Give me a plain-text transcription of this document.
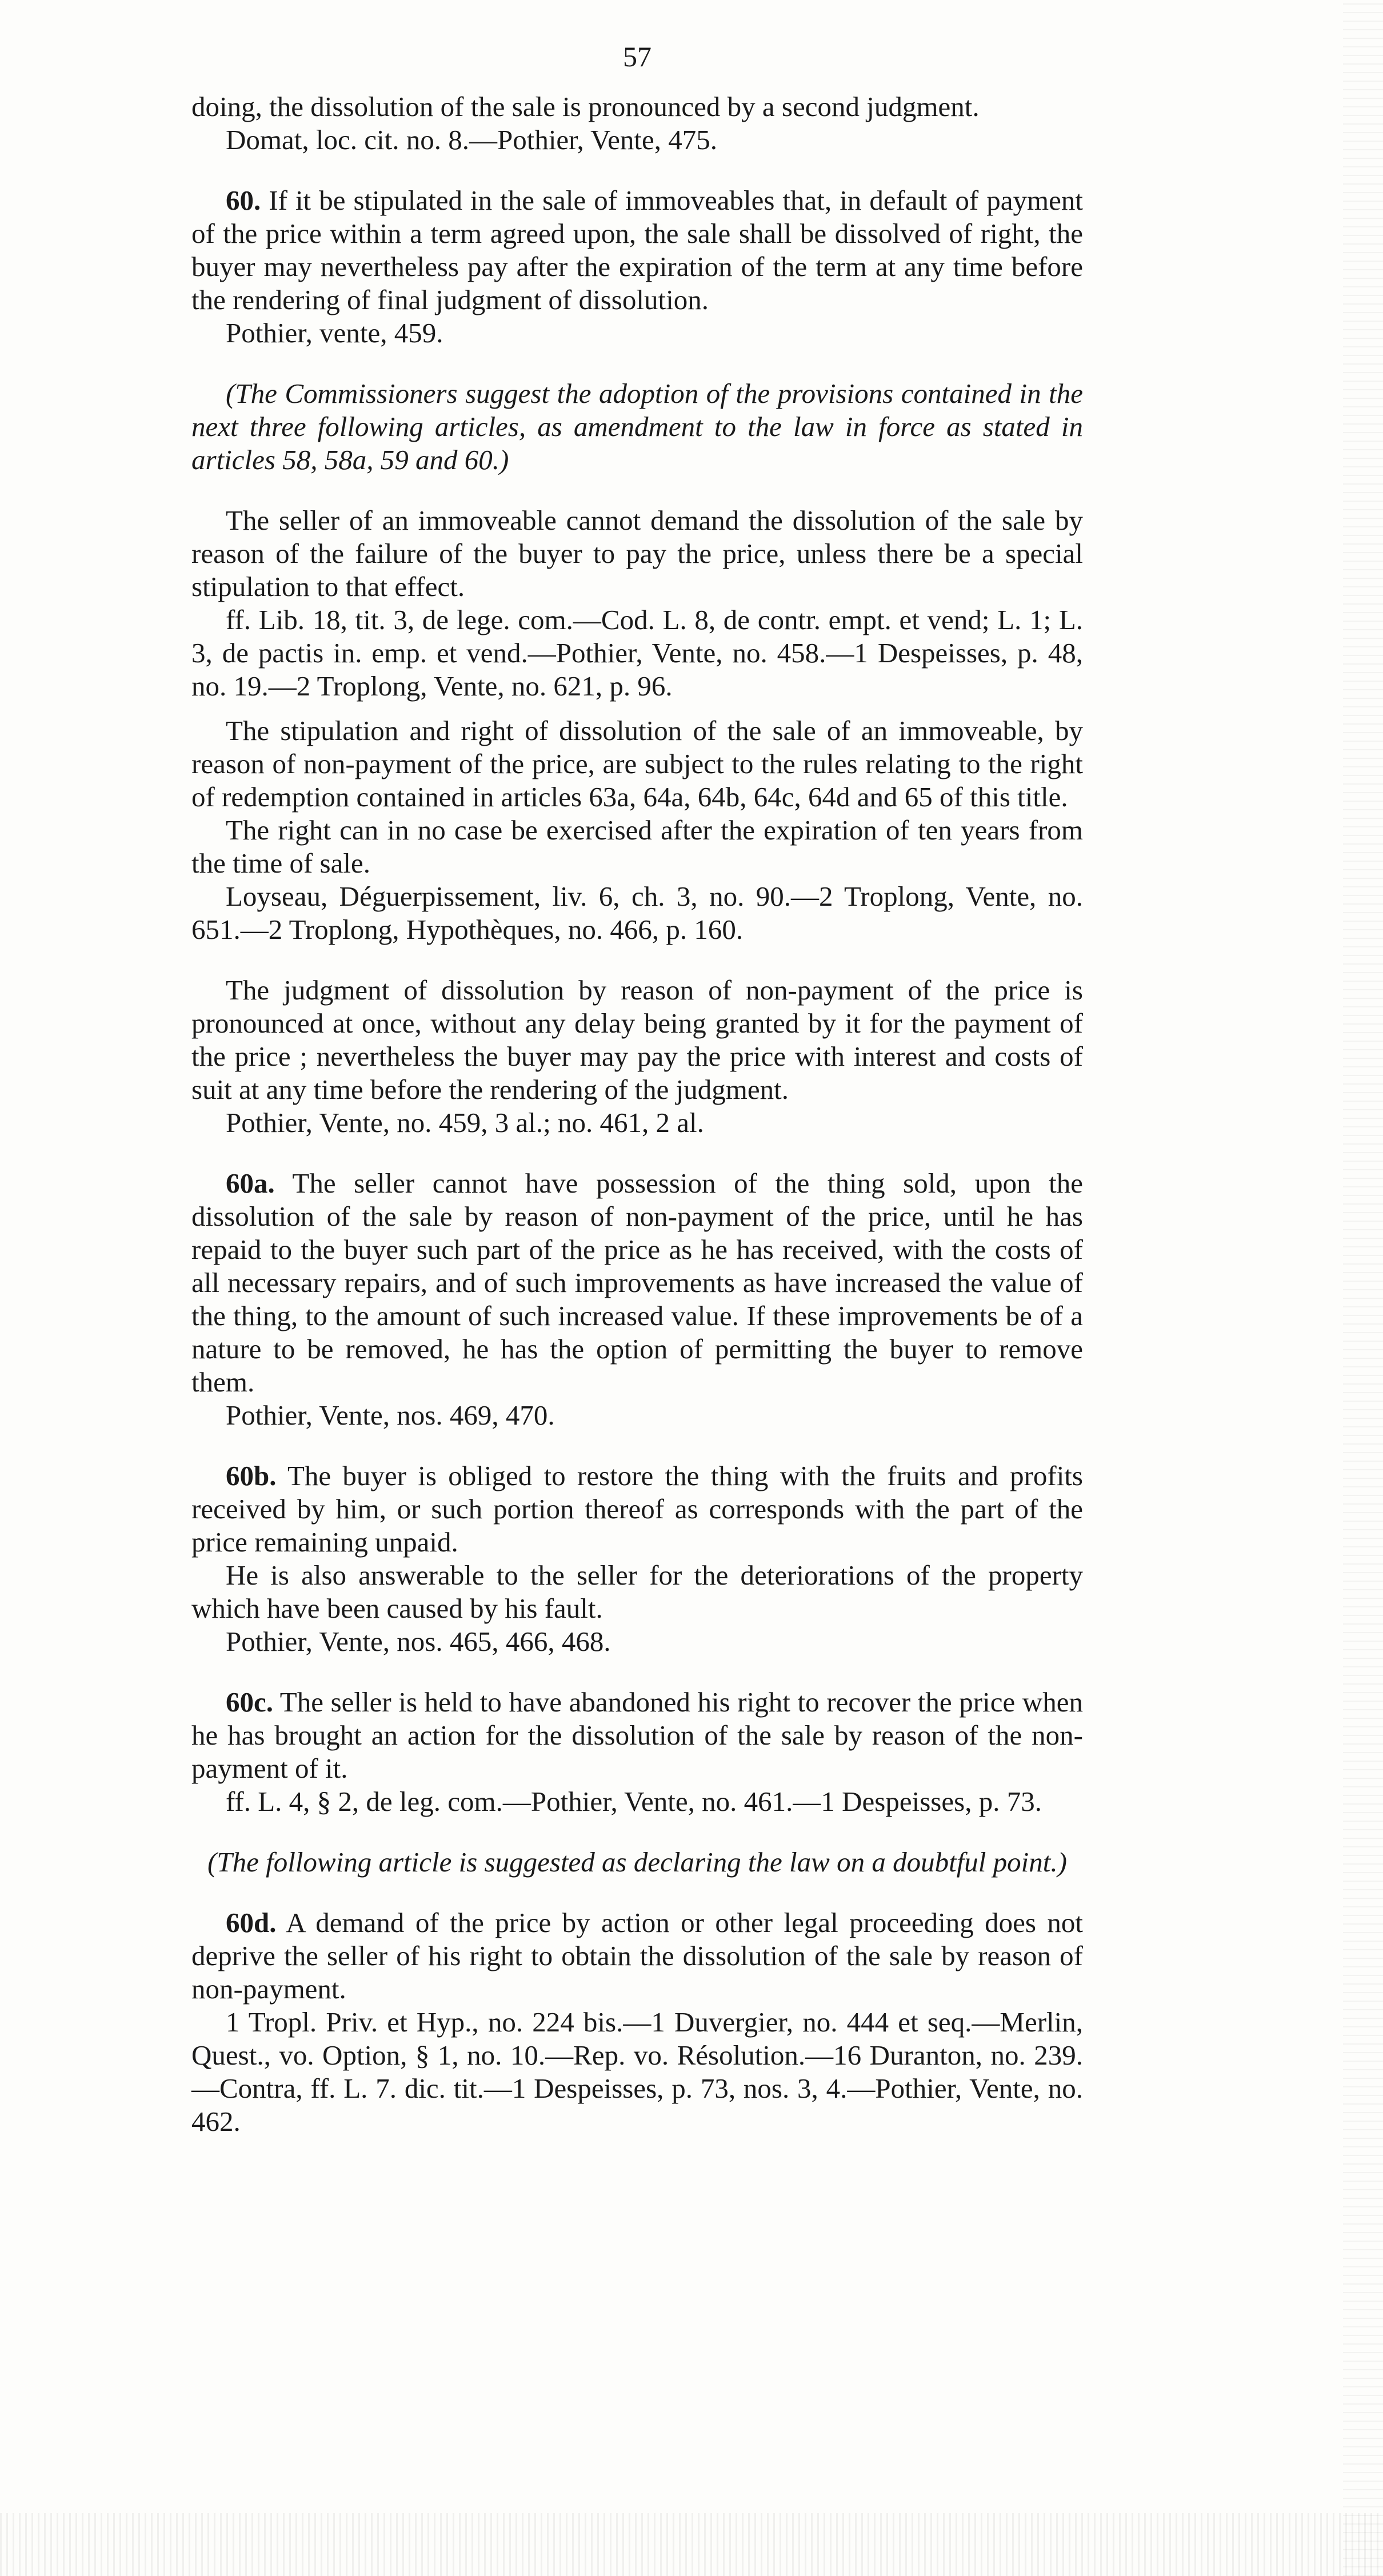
57

doing, the dissolution of the sale is pronounced by a second judgment.

Domat, loc. cit. no. 8.—Pothier, Vente, 475.

60. If it be stipulated in the sale of immoveables that, in default of payment of the price within a term agreed upon, the sale shall be dissolved of right, the buyer may nevertheless pay after the expiration of the term at any time before the rendering of final judgment of dissolution.

Pothier, vente, 459.

(The Commissioners suggest the adoption of the provisions contained in the next three following articles, as amendment to the law in force as stated in articles 58, 58a, 59 and 60.)

The seller of an immoveable cannot demand the dissolution of the sale by reason of the failure of the buyer to pay the price, unless there be a special stipulation to that effect.

ff. Lib. 18, tit. 3, de lege. com.—Cod. L. 8, de contr. empt. et vend; L. 1; L. 3, de pactis in. emp. et vend.—Pothier, Vente, no. 458.—1 Despeisses, p. 48, no. 19.—2 Troplong, Vente, no. 621, p. 96.

The stipulation and right of dissolution of the sale of an immoveable, by reason of non-payment of the price, are subject to the rules relating to the right of redemption contained in articles 63a, 64a, 64b, 64c, 64d and 65 of this title.

The right can in no case be exercised after the expiration of ten years from the time of sale.

Loyseau, Déguerpissement, liv. 6, ch. 3, no. 90.—2 Troplong, Vente, no. 651.—2 Troplong, Hypothèques, no. 466, p. 160.

The judgment of dissolution by reason of non-payment of the price is pronounced at once, without any delay being granted by it for the payment of the price ; nevertheless the buyer may pay the price with interest and costs of suit at any time before the rendering of the judgment.

Pothier, Vente, no. 459, 3 al.; no. 461, 2 al.

60a. The seller cannot have possession of the thing sold, upon the dissolution of the sale by reason of non-payment of the price, until he has repaid to the buyer such part of the price as he has received, with the costs of all necessary repairs, and of such improvements as have increased the value of the thing, to the amount of such increased value. If these improvements be of a nature to be removed, he has the option of permitting the buyer to remove them.

Pothier, Vente, nos. 469, 470.

60b. The buyer is obliged to restore the thing with the fruits and profits received by him, or such portion thereof as corresponds with the part of the price remaining unpaid.

He is also answerable to the seller for the deteriorations of the property which have been caused by his fault.

Pothier, Vente, nos. 465, 466, 468.

60c. The seller is held to have abandoned his right to recover the price when he has brought an action for the dissolution of the sale by reason of the non-payment of it.

ff. L. 4, § 2, de leg. com.—Pothier, Vente, no. 461.—1 Despeisses, p. 73.

(The following article is suggested as declaring the law on a doubtful point.)

60d. A demand of the price by action or other legal proceeding does not deprive the seller of his right to obtain the dissolution of the sale by reason of non-payment.

1 Tropl. Priv. et Hyp., no. 224 bis.—1 Duvergier, no. 444 et seq.—Merlin, Quest., vo. Option, § 1, no. 10.—Rep. vo. Résolution.—16 Duranton, no. 239.—Contra, ff. L. 7. dic. tit.—1 Despeisses, p. 73, nos. 3, 4.—Pothier, Vente, no. 462.
